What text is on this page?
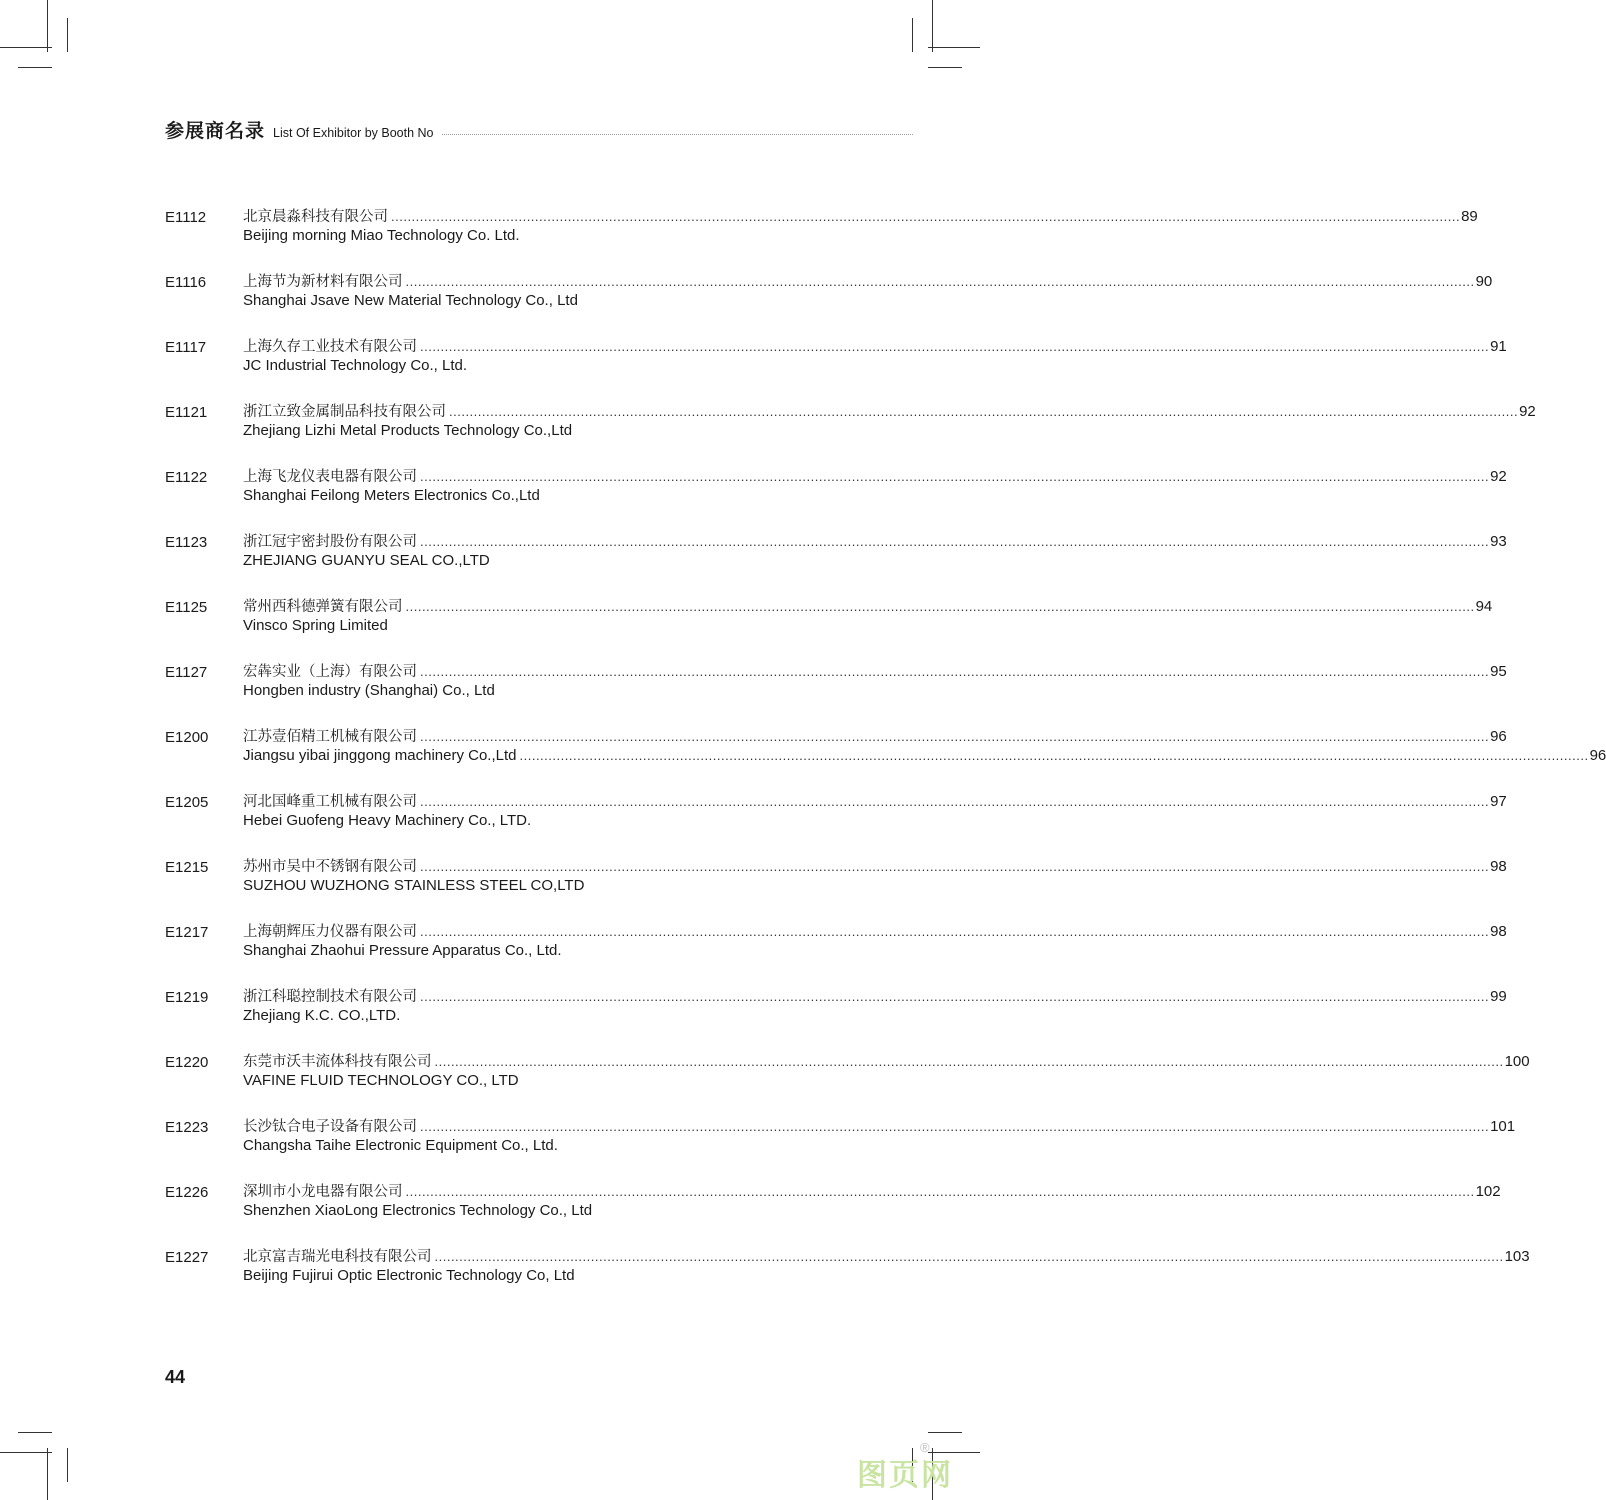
参展商名录 List Of Exhibitor by Booth No
E1112	北京晨淼科技有限公司 .................................................................................................................................................................................................................................................................... 89
Beijing morning Miao Technology Co. Ltd.
E1116	上海节为新材料有限公司 .................................................................................................................................................................................................................................................................... 90
Shanghai Jsave New Material Technology Co., Ltd
E1117	上海久存工业技术有限公司 .................................................................................................................................................................................................................................................................... 91
JC Industrial Technology Co., Ltd.
E1121 浙江立致金属制品科技有限公司 .................................................................................................................................................................................................................................................................... 92
Zhejiang Lizhi Metal Products Technology Co.,Ltd
E1122 上海飞龙仪表电器有限公司 .................................................................................................................................................................................................................................................................... 92
Shanghai Feilong Meters Electronics Co.,Ltd
E1123 浙江冠宇密封股份有限公司 .................................................................................................................................................................................................................................................................... 93
ZHEJIANG GUANYU SEAL CO.,LTD
E1125 常州西科德弹簧有限公司 .................................................................................................................................................................................................................................................................... 94
Vinsco Spring Limited
E1127 宏犇实业（上海）有限公司 .................................................................................................................................................................................................................................................................... 95
Hongben industry (Shanghai) Co., Ltd
E1200 江苏壹佰精工机械有限公司 .................................................................................................................................................................................................................................................................... 96
Jiangsu yibai jinggong machinery Co.,Ltd .................................................................................................................................................................................................................................................................... 96
E1205 河北国峰重工机械有限公司 .................................................................................................................................................................................................................................................................... 97
Hebei Guofeng Heavy Machinery Co., LTD.
E1215 苏州市吴中不锈钢有限公司 .................................................................................................................................................................................................................................................................... 98
SUZHOU WUZHONG STAINLESS STEEL CO,LTD
E1217 上海朝辉压力仪器有限公司 .................................................................................................................................................................................................................................................................... 98
Shanghai Zhaohui Pressure Apparatus Co., Ltd.
E1219 浙江科聪控制技术有限公司 .................................................................................................................................................................................................................................................................... 99
Zhejiang K.C. CO.,LTD.
E1220 东莞市沃丰流体科技有限公司 .................................................................................................................................................................................................................................................................... 100
VAFINE FLUID TECHNOLOGY CO., LTD
E1223 长沙钛合电子设备有限公司 .................................................................................................................................................................................................................................................................... 101
Changsha Taihe Electronic Equipment Co., Ltd.
E1226 深圳市小龙电器有限公司 .................................................................................................................................................................................................................................................................... 102
Shenzhen XiaoLong Electronics Technology Co., Ltd
E1227 北京富吉瑞光电科技有限公司 .................................................................................................................................................................................................................................................................... 103
Beijing Fujirui Optic Electronic Technology Co, Ltd
44
图页网
®
